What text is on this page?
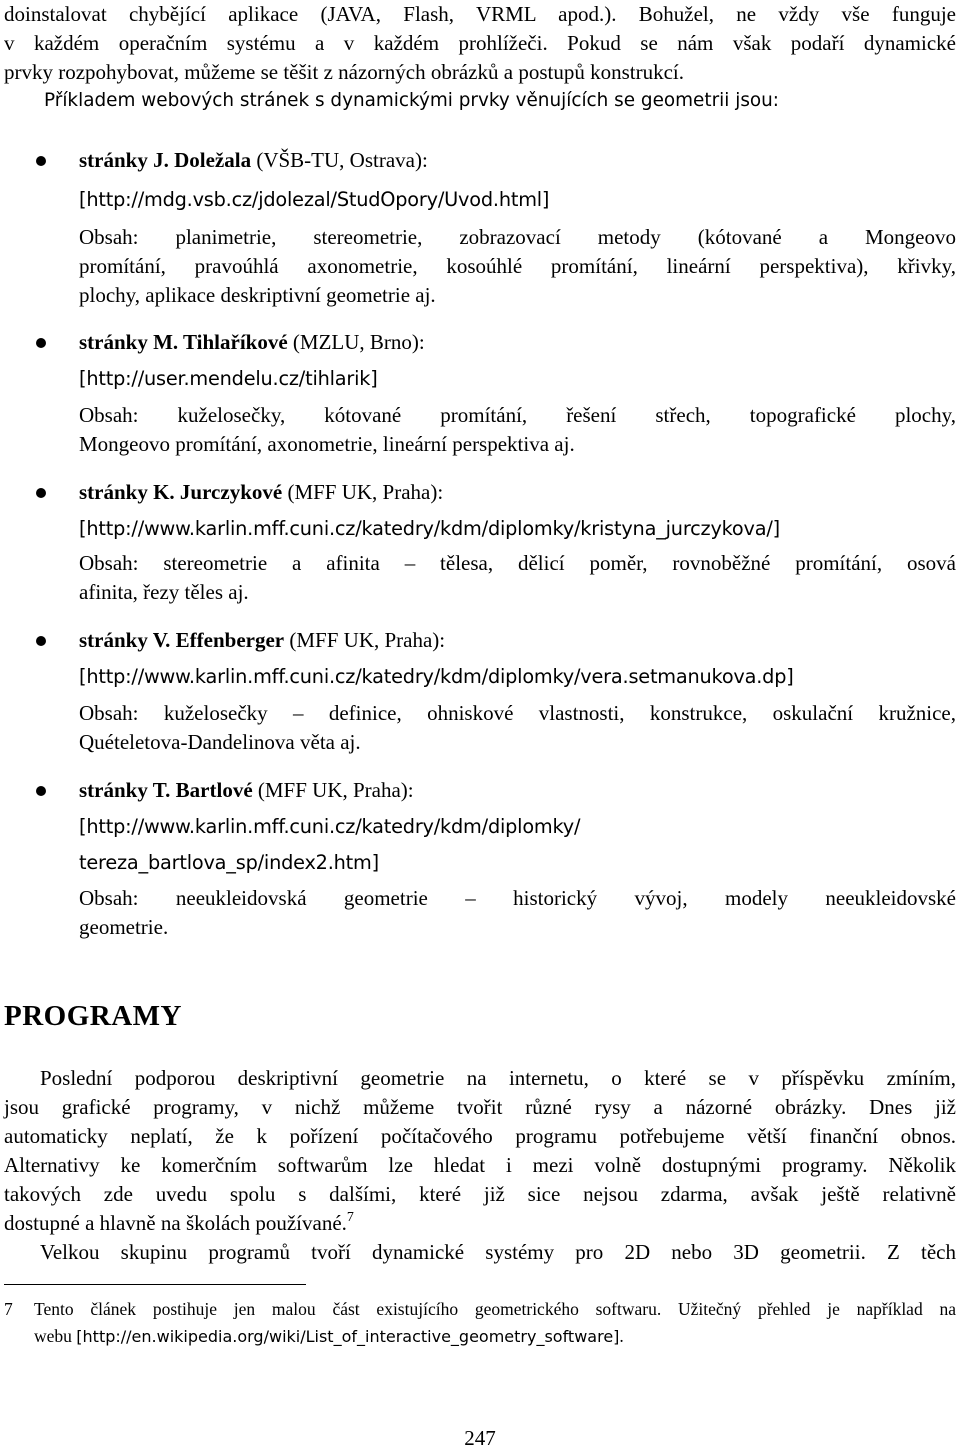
doinstalovat chybějící aplikace (JAVA, Flash, VRML apod.). Bohužel, ne vždy vše funguje
v každém operačním systému a v každém prohlížeči. Pokud se nám však podaří dynamické
prvky rozpohybovat, můžeme se těšit z názorných obrázků a postupů konstrukcí.
Příkladem webových stránek s dynamickými prvky věnujících se geometrii jsou:
stránky J. Doležala (VŠB-TU, Ostrava):
[http://mdg.vsb.cz/jdolezal/StudOpory/Uvod.html]
Obsah: planimetrie, stereometrie, zobrazovací metody (kótované a Mongeovo
promítání, pravoúhlá axonometrie, kosoúhlé promítání, lineární perspektiva), křivky,
plochy, aplikace deskriptivní geometrie aj.
stránky M. Tihlaříkové (MZLU, Brno):
[http://user.mendelu.cz/tihlarik]
Obsah: kuželosečky, kótované promítání, řešení střech, topografické plochy,
Mongeovo promítání, axonometrie, lineární perspektiva aj.
stránky K. Jurczykové (MFF UK, Praha):
[http://www.karlin.mff.cuni.cz/katedry/kdm/diplomky/kristyna_jurczykova/]
Obsah: stereometrie a afinita – tělesa, dělicí poměr, rovnoběžné promítání, osová
afinita, řezy těles aj.
stránky V. Effenberger (MFF UK, Praha):
[http://www.karlin.mff.cuni.cz/katedry/kdm/diplomky/vera.setmanukova.dp]
Obsah: kuželosečky – definice, ohniskové vlastnosti, konstrukce, oskulační kružnice,
Quételetova-Dandelinova věta aj.
stránky T. Bartlové (MFF UK, Praha):
[http://www.karlin.mff.cuni.cz/katedry/kdm/diplomky/
tereza_bartlova_sp/index2.htm]
Obsah: neeukleidovská geometrie – historický vývoj, modely neeukleidovské
geometrie.
PROGRAMY
Poslední podporou deskriptivní geometrie na internetu, o které se v příspěvku zmíním,
jsou grafické programy, v nichž můžeme tvořit různé rysy a názorné obrázky. Dnes již
automaticky neplatí, že k pořízení počítačového programu potřebujeme větší finanční obnos.
Alternativy ke komerčním softwarům lze hledat i mezi volně dostupnými programy. Několik
takových zde uvedu spolu s dalšími, které již sice nejsou zdarma, avšak ještě relativně
dostupné a hlavně na školách používané.$^7$
Velkou skupinu programů tvoří dynamické systémy pro 2D nebo 3D geometrii. Z těch
7 Tento článek postihuje jen malou část existujícího geometrického softwaru. Užitečný přehled je například na
webu [http://en.wikipedia.org/wiki/List_of_interactive_geometry_software].
247
